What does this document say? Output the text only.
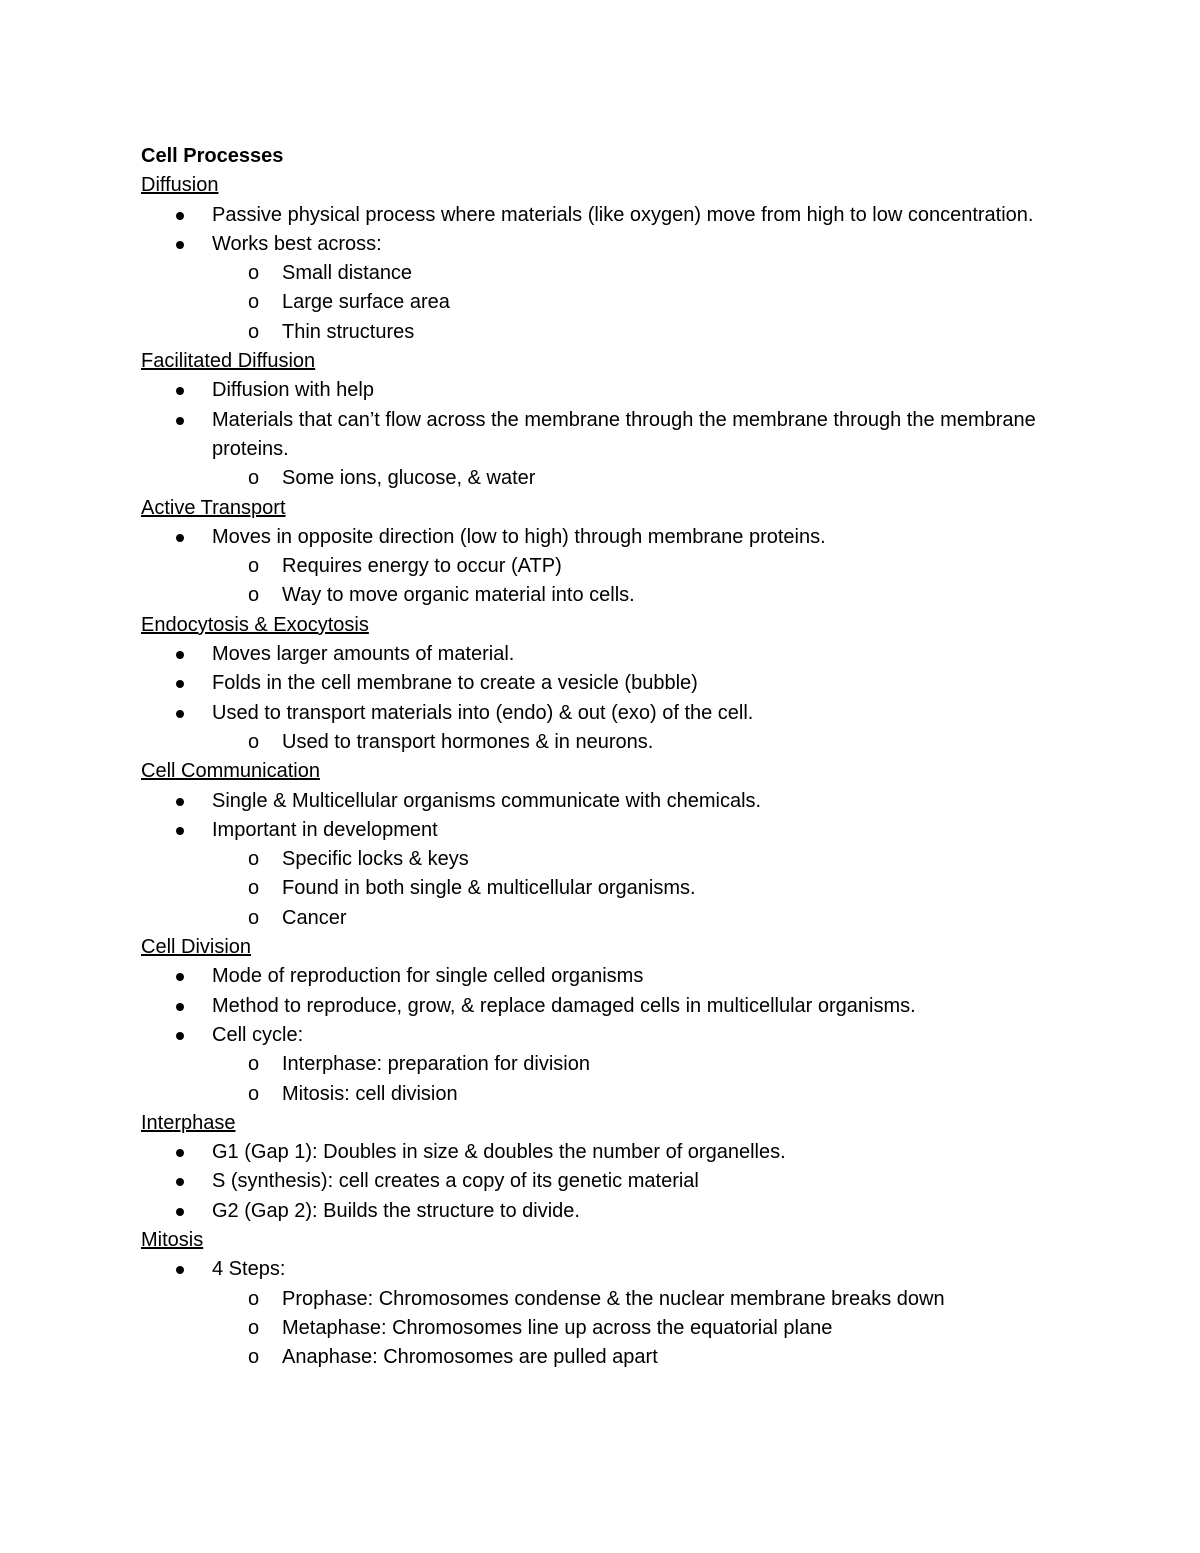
Cell Processes

Diffusion

Passive physical process where materials (like oxygen) move from high to low concentration.
Works best across:
o Small distance
o Large surface area
o Thin structures

Facilitated Diffusion

Diffusion with help
Materials that can’t flow across the membrane through the membrane through the membrane proteins.
o Some ions, glucose, & water

Active Transport

Moves in opposite direction (low to high) through membrane proteins.
o Requires energy to occur (ATP)
o Way to move organic material into cells.

Endocytosis & Exocytosis

Moves larger amounts of material.
Folds in the cell membrane to create a vesicle (bubble)
Used to transport materials into (endo) & out (exo) of the cell.
o Used to transport hormones & in neurons.

Cell Communication

Single & Multicellular organisms communicate with chemicals.
Important in development
o Specific locks & keys
o Found in both single & multicellular organisms.
o Cancer

Cell Division

Mode of reproduction for single celled organisms
Method to reproduce, grow, & replace damaged cells in multicellular organisms.
Cell cycle:
o Interphase: preparation for division
o Mitosis: cell division

Interphase

G1 (Gap 1): Doubles in size & doubles the number of organelles.
S (synthesis): cell creates a copy of its genetic material
G2 (Gap 2): Builds the structure to divide.

Mitosis

4 Steps:
o Prophase: Chromosomes condense & the nuclear membrane breaks down
o Metaphase: Chromosomes line up across the equatorial plane
o Anaphase: Chromosomes are pulled apart
